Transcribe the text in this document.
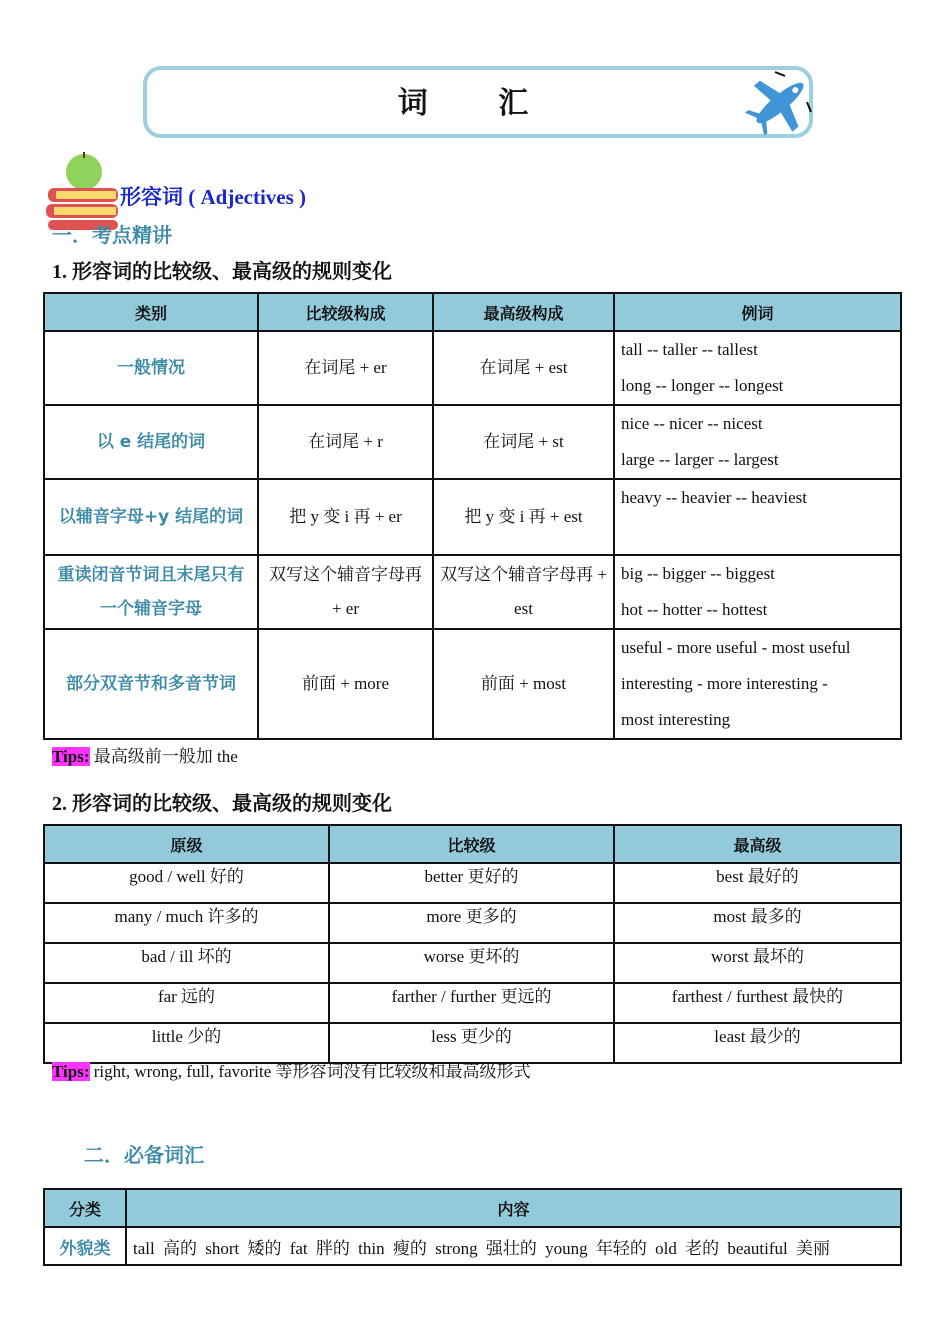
词 汇
形容词 ( Adjectives )
一．考点精讲
1. 形容词的比较级、最高级的规则变化
类别	比较级构成	最高级构成	例词
一般情况	在词尾 + er	在词尾 + est	tall -- taller -- tallest
long -- longer -- longest

以 e 结尾的词	在词尾 + r	在词尾 + st	nice -- nicer -- nicest
large -- larger -- largest

以辅音字母+y 结尾的词	把 y 变 i 再 + er	把 y 变 i 再 + est	heavy -- heavier -- heaviest

重读闭音节词且末尾只有一个辅音字母	双写这个辅音字母再 + er	双写这个辅音字母再 + est	big -- bigger -- biggest
hot -- hotter -- hottest

部分双音节和多音节词	前面 + more	前面 + most	useful - more useful - most useful
interesting - more interesting -
most interesting
Tips: 最高级前一般加 the
2. 形容词的比较级、最高级的规则变化
原级	比较级	最高级
good / well 好的	better 更好的	best 最好的
many / much 许多的	more 更多的	most 最多的
bad / ill 坏的	worse 更坏的	worst 最坏的
far 远的	farther / further 更远的	farthest / furthest 最快的
little 少的	less 更少的	least 最少的
Tips: right, wrong, full, favorite 等形容词没有比较级和最高级形式
二．必备词汇
分类	内容
外貌类	tall 高的 short 矮的 fat 胖的 thin 瘦的 strong 强壮的 young 年轻的 old 老的 beautiful 美丽
